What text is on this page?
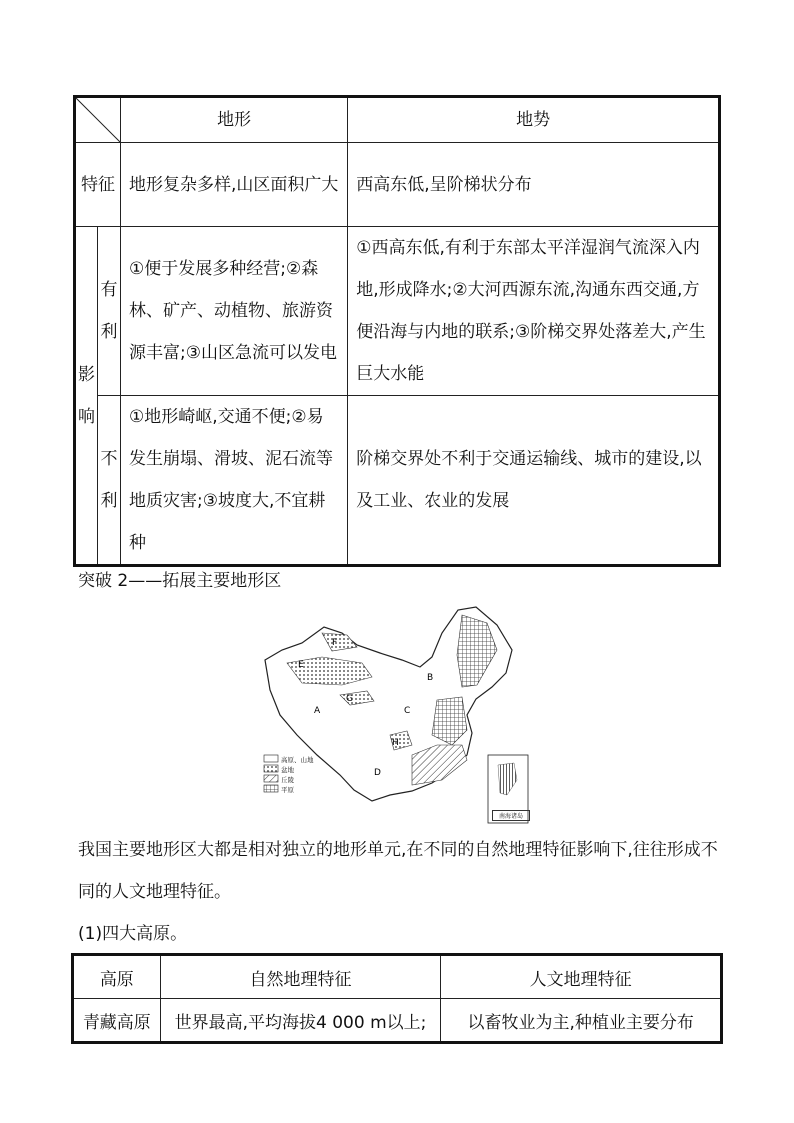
	地形	地势
特征		地形复杂多样,山区面积广大	西高东低,呈阶梯状分布

影响	有利	①便于发展多种经营;②森林、矿产、动植物、旅游资源丰富;③山区急流可以发电	①西高东低,有利于东部太平洋湿润气流深入内地,形成降水;②大河西源东流,沟通东西交通,方便沿海与内地的联系;③阶梯交界处落差大,产生巨大水能

	不利	①地形崎岖,交通不便;②易发生崩塌、滑坡、泥石流等地质灾害;③坡度大,不宜耕种	阶梯交界处不利于交通运输线、城市的建设,以及工业、农业的发展
突破 2——拓展主要地形区
A
B
C
D
E
F
G
H
高原、山地
盆地
丘陵
平原
南海诸岛
我国主要地形区大都是相对独立的地形单元,在不同的自然地理特征影响下,往往形成不同的人文地理特征。
(1)四大高原。
高原	自然地理特征	人文地理特征
青藏高原	世界最高,平均海拔4 000 m以上;	以畜牧业为主,种植业主要分布
